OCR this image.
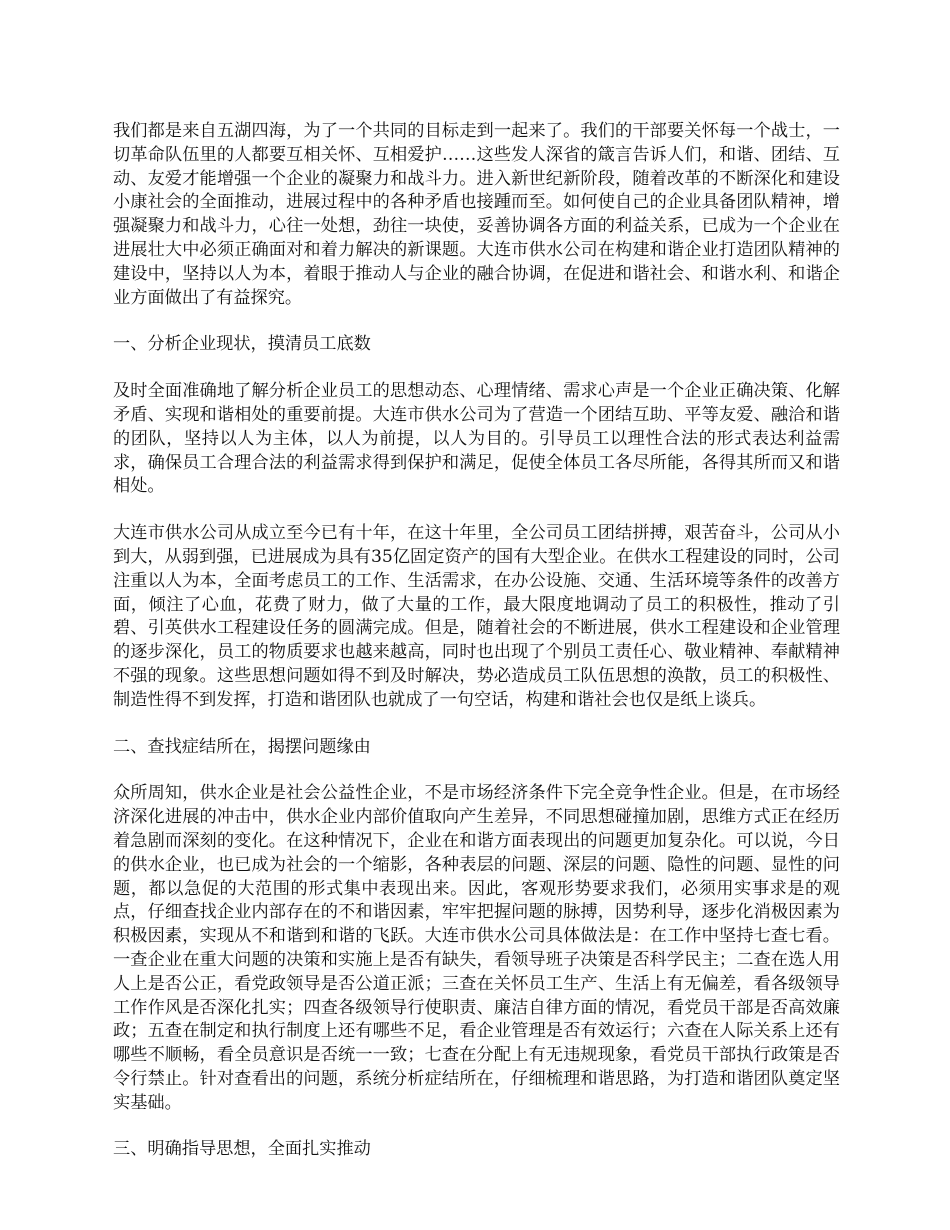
我们都是来自五湖四海，为了一个共同的目标走到一起来了。我们的干部要关怀每一个战士，一切革命队伍里的人都要互相关怀、互相爱护……这些发人深省的箴言告诉人们，和谐、团结、互动、友爱才能增强一个企业的凝聚力和战斗力。进入新世纪新阶段，随着改革的不断深化和建设小康社会的全面推动，进展过程中的各种矛盾也接踵而至。如何使自己的企业具备团队精神，增强凝聚力和战斗力，心往一处想，劲往一块使，妥善协调各方面的利益关系，已成为一个企业在进展壮大中必须正确面对和着力解决的新课题。大连市供水公司在构建和谐企业打造团队精神的建设中，坚持以人为本，着眼于推动人与企业的融合协调，在促进和谐社会、和谐水利、和谐企业方面做出了有益探究。

一、分析企业现状，摸清员工底数

及时全面准确地了解分析企业员工的思想动态、心理情绪、需求心声是一个企业正确决策、化解矛盾、实现和谐相处的重要前提。大连市供水公司为了营造一个团结互助、平等友爱、融洽和谐的团队，坚持以人为主体，以人为前提，以人为目的。引导员工以理性合法的形式表达利益需求，确保员工合理合法的利益需求得到保护和满足，促使全体员工各尽所能，各得其所而又和谐相处。

大连市供水公司从成立至今已有十年，在这十年里，全公司员工团结拼搏，艰苦奋斗，公司从小到大，从弱到强，已进展成为具有35亿固定资产的国有大型企业。在供水工程建设的同时，公司注重以人为本，全面考虑员工的工作、生活需求，在办公设施、交通、生活环境等条件的改善方面，倾注了心血，花费了财力，做了大量的工作，最大限度地调动了员工的积极性，推动了引碧、引英供水工程建设任务的圆满完成。但是，随着社会的不断进展，供水工程建设和企业管理的逐步深化，员工的物质要求也越来越高，同时也出现了个别员工责任心、敬业精神、奉献精神不强的现象。这些思想问题如得不到及时解决，势必造成员工队伍思想的涣散，员工的积极性、制造性得不到发挥，打造和谐团队也就成了一句空话，构建和谐社会也仅是纸上谈兵。

二、查找症结所在，揭摆问题缘由

众所周知，供水企业是社会公益性企业，不是市场经济条件下完全竞争性企业。但是，在市场经济深化进展的冲击中，供水企业内部价值取向产生差异，不同思想碰撞加剧，思维方式正在经历着急剧而深刻的变化。在这种情况下，企业在和谐方面表现出的问题更加复杂化。可以说，今日的供水企业，也已成为社会的一个缩影，各种表层的问题、深层的问题、隐性的问题、显性的问题，都以急促的大范围的形式集中表现出来。因此，客观形势要求我们，必须用实事求是的观点，仔细查找企业内部存在的不和谐因素，牢牢把握问题的脉搏，因势利导，逐步化消极因素为积极因素，实现从不和谐到和谐的飞跃。大连市供水公司具体做法是：在工作中坚持七查七看。一查企业在重大问题的决策和实施上是否有缺失，看领导班子决策是否科学民主；二查在选人用人上是否公正，看党政领导是否公道正派；三查在关怀员工生产、生活上有无偏差，看各级领导工作作风是否深化扎实；四查各级领导行使职责、廉洁自律方面的情况，看党员干部是否高效廉政；五查在制定和执行制度上还有哪些不足，看企业管理是否有效运行；六查在人际关系上还有哪些不顺畅，看全员意识是否统一一致；七查在分配上有无违规现象，看党员干部执行政策是否令行禁止。针对查看出的问题，系统分析症结所在，仔细梳理和谐思路，为打造和谐团队奠定坚实基础。

三、明确指导思想，全面扎实推动
